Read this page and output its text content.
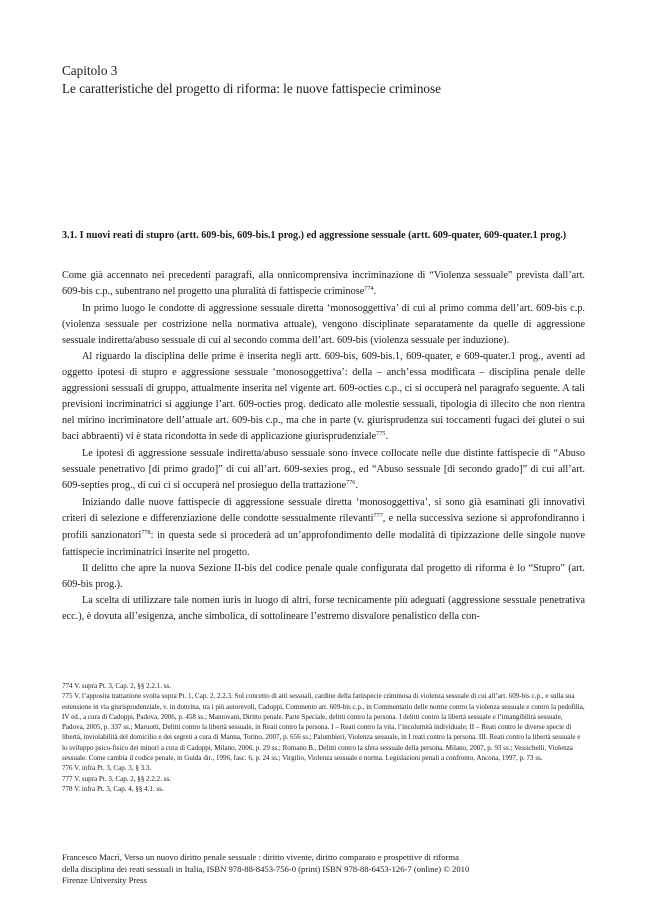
Capitolo 3
Le caratteristiche del progetto di riforma: le nuove fattispecie criminose
3.1. I nuovi reati di stupro (artt. 609-bis, 609-bis.1 prog.) ed aggressione sessuale (artt. 609-quater, 609-quater.1 prog.)

Come già accennato nei precedenti paragrafi, alla onnicomprensiva incriminazione di “Violenza sessuale” prevista dall’art. 609-bis c.p., subentrano nel progetto una pluralità di fattispecie criminose$^{774}$.

In primo luogo le condotte di aggressione sessuale diretta ‘monosoggettiva’ di cui al primo comma dell’art. 609-bis c.p. (violenza sessuale per costrizione nella normativa attuale), vengono disciplinate separatamente da quelle di aggressione sessuale indiretta/abuso sessuale di cui al secondo comma dell’art. 609-bis (violenza sessuale per induzione).

Al riguardo la disciplina delle prime è inserita negli artt. 609-bis, 609-bis.1, 609-quater, e 609-quater.1 prog., aventi ad oggetto ipotesi di stupro e aggressione sessuale ‘monosoggettiva’: della – anch’essa modificata – disciplina penale delle aggressioni sessuali di gruppo, attualmente inserita nel vigente art. 609-octies c.p., ci si occuperà nel paragrafo seguente. A tali previsioni incriminatrici si aggiunge l’art. 609-octies prog. dedicato alle molestie sessuali, tipologia di illecito che non rientra nel mirino incriminatore dell’attuale art. 609-bis c.p., ma che in parte (v. giurisprudenza sui toccamenti fugaci dei glutei o sui baci abbraenti) vi è stata ricondotta in sede di applicazione giurisprudenziale$^{775}$.

Le ipotesi di aggressione sessuale indiretta/abuso sessuale sono invece collocate nelle due distinte fattispecie di “Abuso sessuale penetrativo [di primo grado]” di cui all’art. 609-sexies prog., ed “Abuso sessuale [di secondo grado]” di cui all’art. 609-septies prog., di cui ci si occuperà nel prosieguo della trattazione$^{776}$.

Iniziando dalle nuove fattispecie di aggressione sessuale diretta ‘monosoggettiva’, si sono già esaminati gli innovativi criteri di selezione e differenziazione delle condotte sessualmente rilevanti$^{777}$, e nella successiva sezione si approfondiranno i profili sanzionatori$^{778}$: in questa sede si procederà ad un’approfondimento delle modalità di tipizzazione delle singole nuove fattispecie incriminatrici inserite nel progetto.

Il delitto che apre la nuova Sezione II-bis del codice penale quale configurata dal progetto di riforma è lo “Stupro” (art. 609-bis prog.).

La scelta di utilizzare tale nomen iuris in luogo di altri, forse tecnicamente più adeguati (aggressione sessuale penetrativa ecc.), è dovuta all’esigenza, anche simbolica, di sottolineare l’estremo disvalore penalistico della con-

774 V. supra Pt. 3, Cap. 2, §§ 2.2.1. ss.
775 V. l’apposita trattazione svolta supra Pt. 1, Cap. 2, 2.2.3. Sul concetto di atti sessuali, cardine della fattispecie criminosa di violenza sessuale di cui all’art. 609-bis c.p., e sulla sua estensione in via giurisprudenziale, v. in dottrina, tra i più autorevoli, Cadoppi, Commento art. 609-bis c.p., in Commentario delle norme contro la violenza sessuale e contro la pedofilia, IV ed., a cura di Cadoppi, Padova, 2006, p. 458 ss.; Mantovani, Diritto penale. Parte Speciale, delitti contro la persona. I delitti contro la libertà sessuale e l’intangibilità sessuale, Padova, 2005, p. 337 ss.; Maruotti, Delitti contro la libertà sessuale, in Reati contro la persona. I – Reati contro la vita, l’incolumità individuale; II – Reati contro le diverse specie di libertà, inviolabilità del domicilio e dei segreti a cura di Manna, Torino, 2007, p. 656 ss.; Palumbieri, Violenza sessuale, in I reati contro la persona. III. Reati contro la libertà sessuale e lo sviluppo psico-fisico dei minori a cura di Cadoppi, Milano, 2006, p. 29 ss.; Romano B., Delitti contro la sfera sessuale della persona, Milano, 2007, p. 93 ss.; Vessichelli, Violenza sessuale. Come cambia il codice penale, in Guida dir., 1996, fasc. 6, p. 24 ss.; Virgilio, Violenza sessuale e norma. Legislazioni penali a confronto, Ancona, 1997, p. 73 ss.
776 V. infra Pt. 3, Cap. 3, § 3.3.
777 V. supra Pt. 3, Cap. 2, §§ 2.2.2. ss.
778 V. infra Pt. 3, Cap. 4, §§ 4.1. ss.
Francesco Macrì, Verso un nuovo diritto penale sessuale : diritto vivente, diritto comparato e prospettive di riforma
della disciplina dei reati sessuali in Italia, ISBN 978-88-8453-756-0 (print) ISBN 978-88-6453-126-7 (online) © 2010
Firenze University Press
